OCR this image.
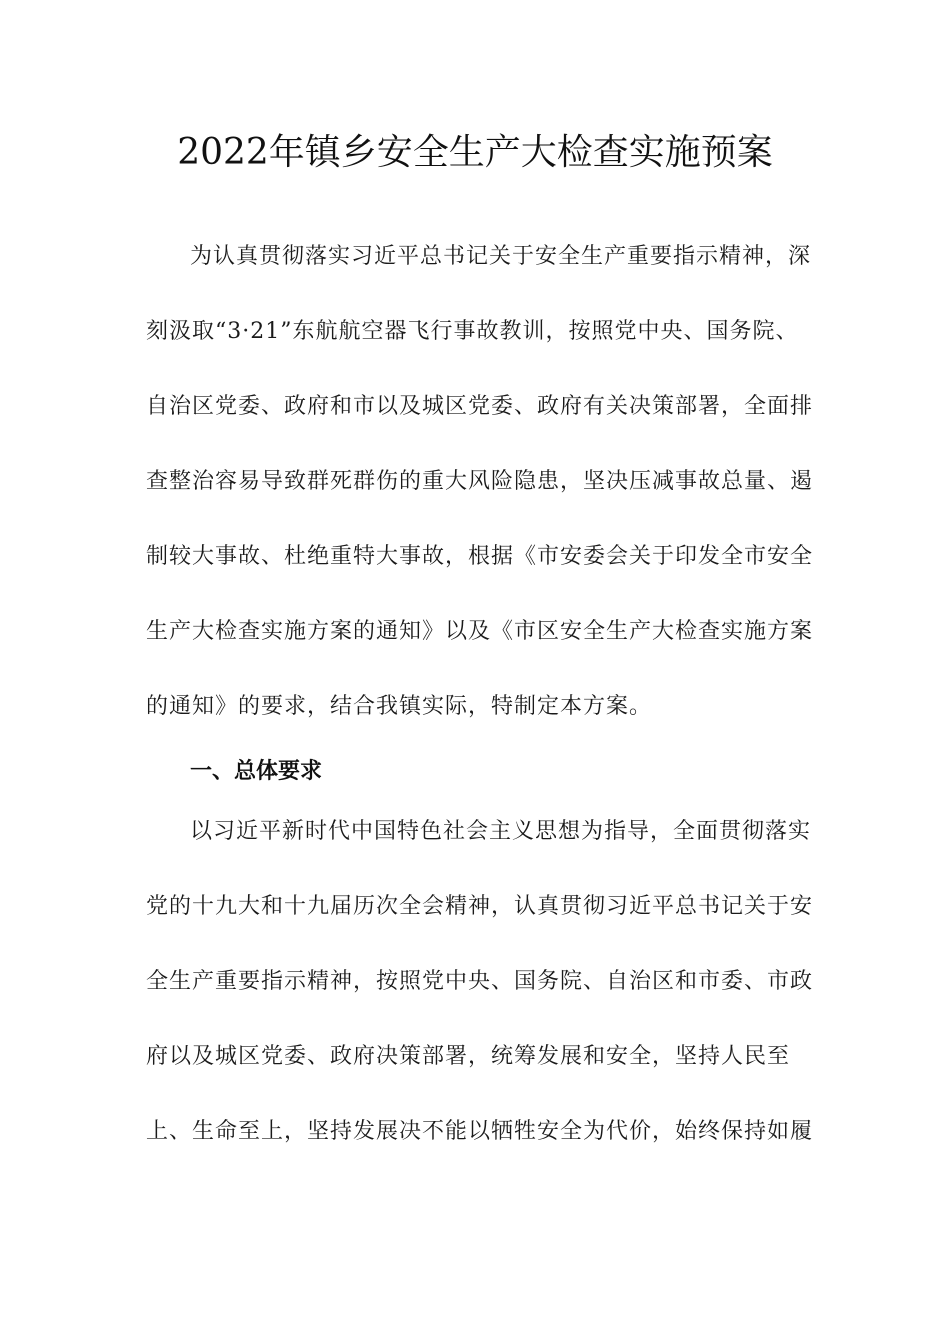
2022年镇乡安全生产大检查实施预案
为认真贯彻落实习近平总书记关于安全生产重要指示精神，深
刻汲取“3·21”东航航空器飞行事故教训，按照党中央、国务院、
自治区党委、政府和市以及城区党委、政府有关决策部署，全面排
查整治容易导致群死群伤的重大风险隐患，坚决压减事故总量、遏
制较大事故、杜绝重特大事故，根据《市安委会关于印发全市安全
生产大检查实施方案的通知》以及《市区安全生产大检查实施方案
的通知》的要求，结合我镇实际，特制定本方案。
一、总体要求
以习近平新时代中国特色社会主义思想为指导，全面贯彻落实
党的十九大和十九届历次全会精神，认真贯彻习近平总书记关于安
全生产重要指示精神，按照党中央、国务院、自治区和市委、市政
府以及城区党委、政府决策部署，统筹发展和安全，坚持人民至
上、生命至上，坚持发展决不能以牺牲安全为代价，始终保持如履
